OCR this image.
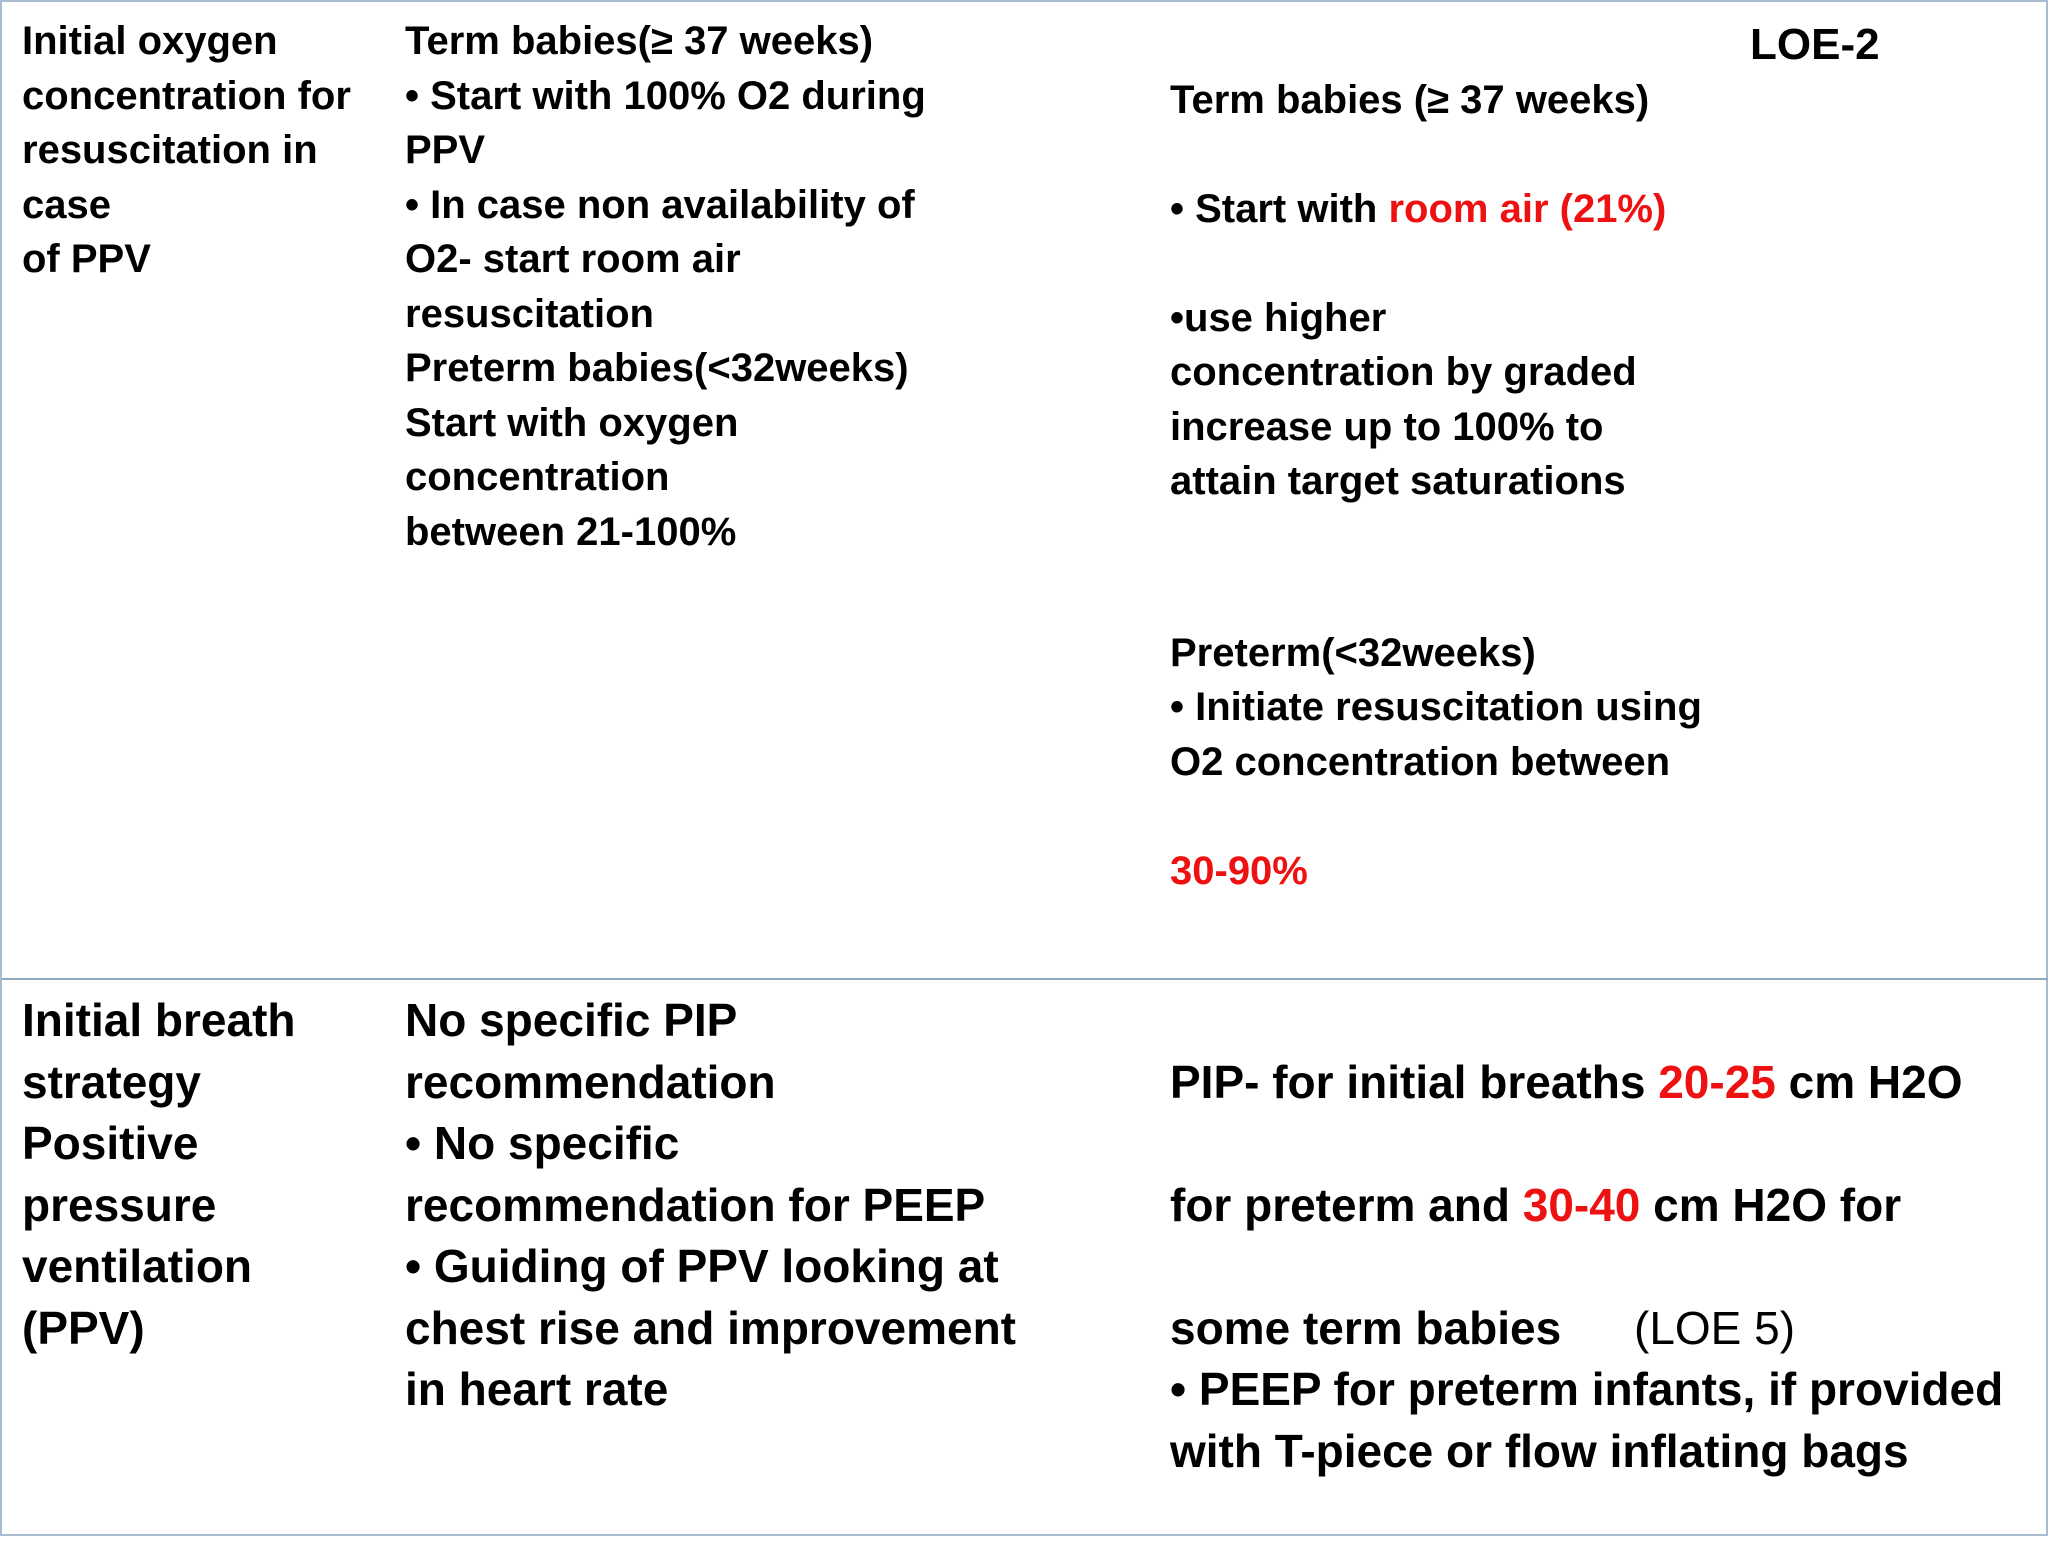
Initial oxygen
concentration for
resuscitation in
case
of PPV
Term babies(≥ 37 weeks)
• Start with 100% O2 during
PPV
• In case non availability of
O2- start room air
resuscitation
Preterm babies(<32weeks)
Start with oxygen
concentration
between 21-100%

Term babies (≥ 37 weeks)

• Start with room air (21%)

•use higher
concentration by graded
increase up to 100% to
attain target saturations

Preterm(<32weeks)
• Initiate resuscitation using
O2 concentration between

30-90%

LOE-2
Initial breath
strategy
Positive
pressure
ventilation
(PPV)
No specific PIP
recommendation
• No specific
recommendation for PEEP
• Guiding of PPV looking at
chest rise and improvement
in heart rate

PIP- for initial breaths 20-25 cm H2O

for preterm and 30-40 cm H2O for

some term babies
• PEEP for preterm infants, if provided
with T-piece or flow inflating bags

(LOE 5)
